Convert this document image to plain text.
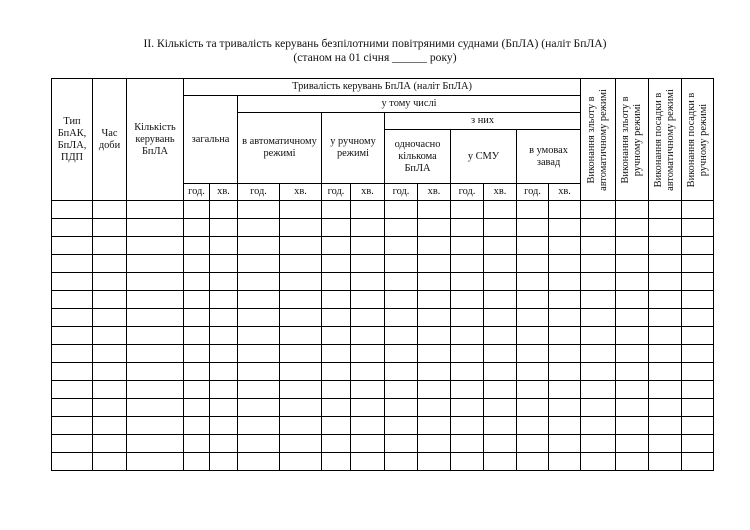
II. Кількість та тривалість керувань безпілотними повітряними суднами (БпЛА) (наліт БпЛА)
(станом на 01 січня ______ року)
Тип БпАК, БпЛА, ПДП	Час доби	Кількість керувань БпЛА	Тривалість керувань БпЛА (наліт БпЛА)												Виконання зльоту в автоматичному режимі	Виконання зльоту в ручному режимі	Виконання посадки в автоматичному режимі	Виконання посадки в ручному режимі

			загальна		у тому числі													
					в автоматичному режимі		у ручному режимі		з них									
									одночасно кількома БпЛА		у СМУ		в умовах завад					

			год.	хв.	год.	хв.	год.	хв.	год.	хв.	год.	хв.	год.	хв.				
